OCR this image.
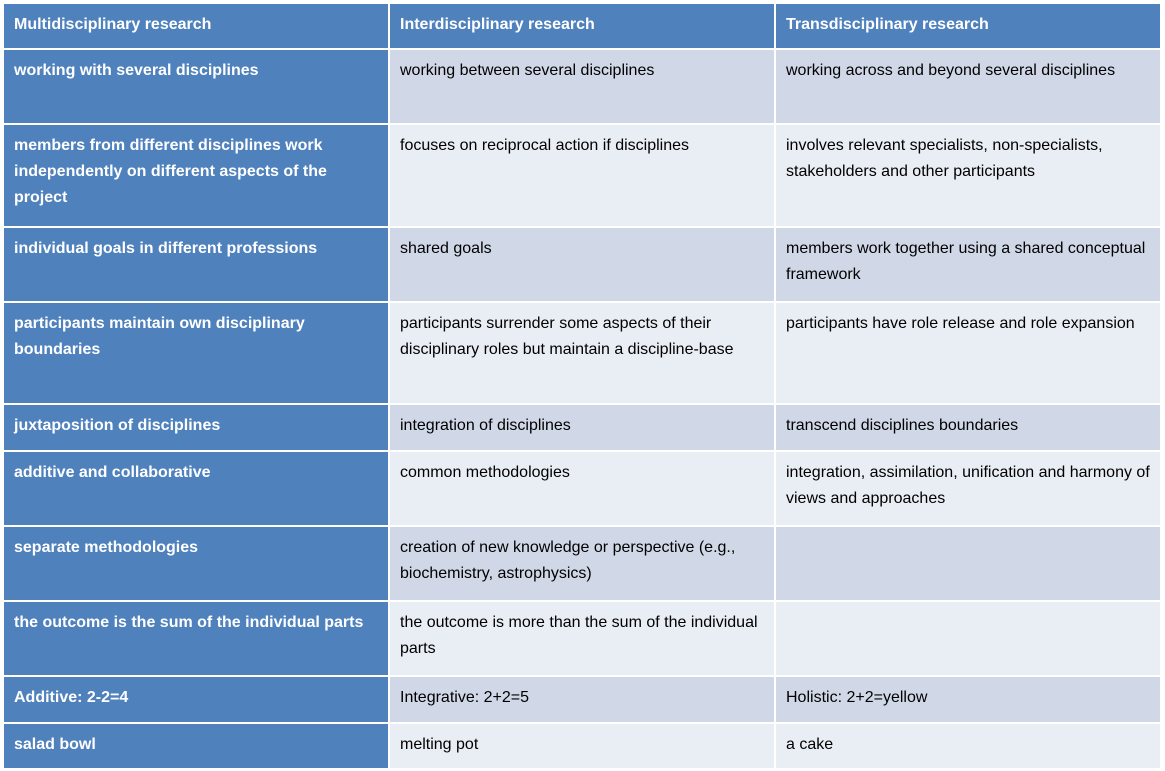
Multidisciplinary research	Interdisciplinary research	Transdisciplinary research
working with several disciplines	working between several disciplines	working across and beyond several disciplines
members from different disciplines work independently on different aspects of the project	focuses on reciprocal action if disciplines	involves relevant specialists, non-specialists, stakeholders and other participants
individual goals in different professions	shared goals	members work together using a shared conceptual framework
participants maintain own disciplinary boundaries	participants surrender some aspects of their disciplinary roles but maintain a discipline-base	participants have role release and role expansion
juxtaposition of disciplines	integration of disciplines	transcend disciplines boundaries
additive and collaborative	common methodologies	integration, assimilation, unification and harmony of views and approaches
separate methodologies	creation of new knowledge or perspective (e.g., biochemistry, astrophysics)	
the outcome is the sum of the individual parts	the outcome is more than the sum of the individual parts	
Additive: 2-2=4	Integrative: 2+2=5	Holistic: 2+2=yellow
salad bowl	melting pot	a cake
